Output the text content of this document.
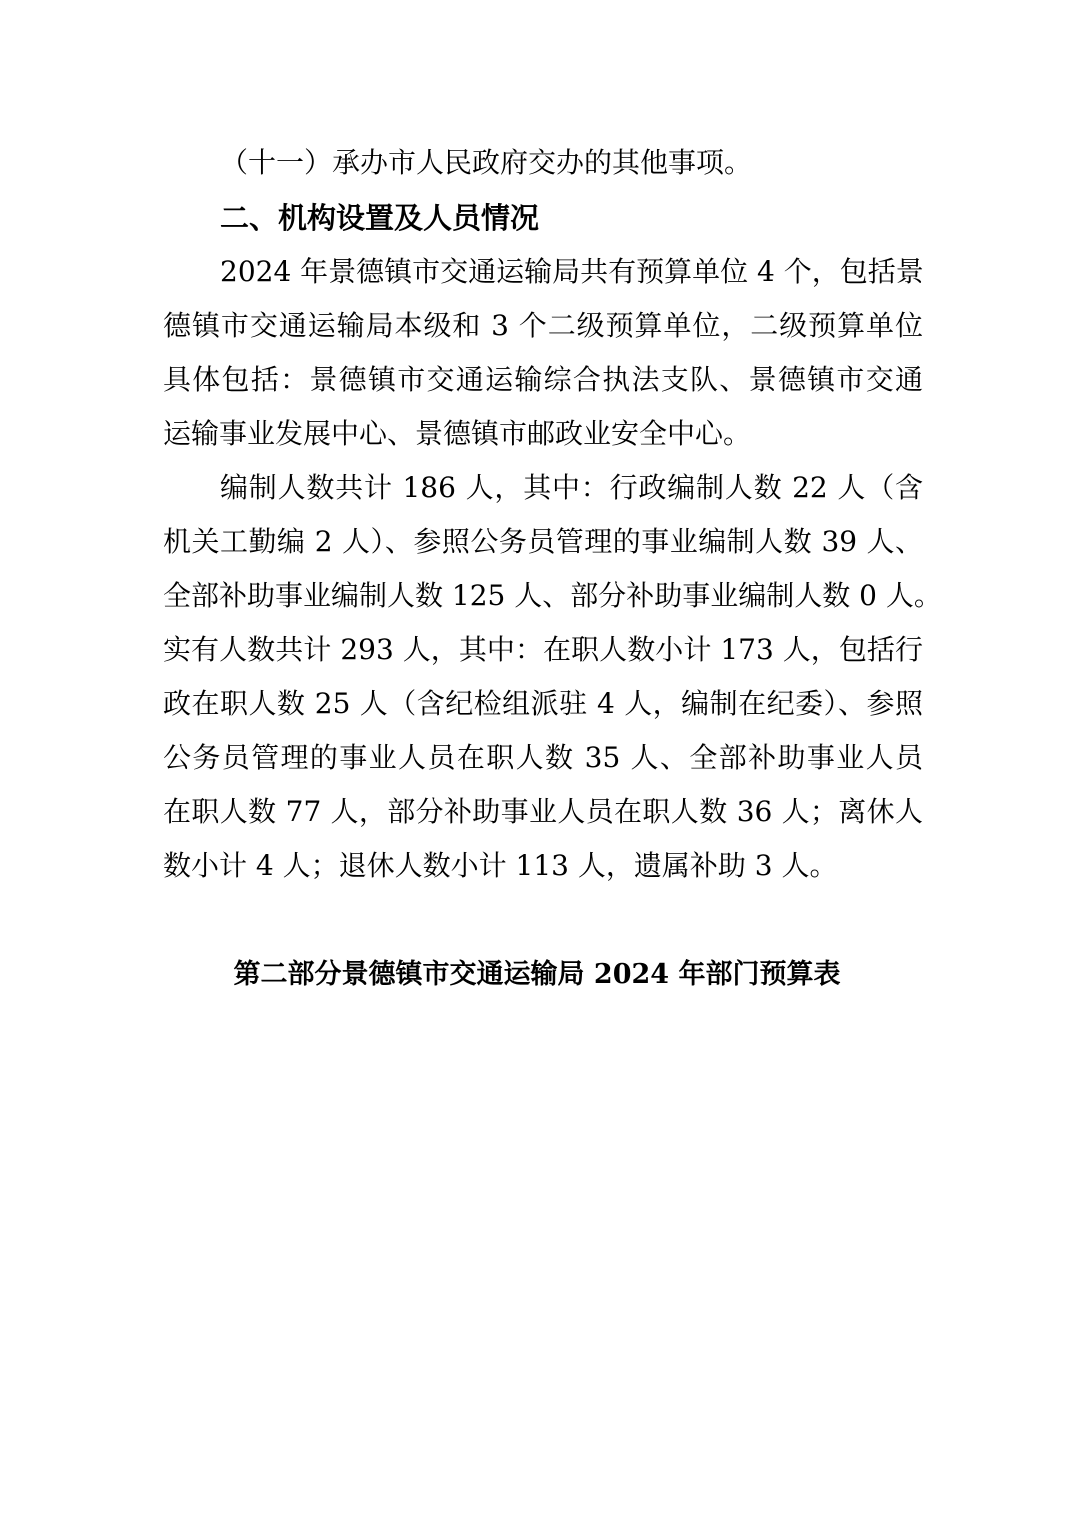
（十一）承办市人民政府交办的其他事项。
二、机构设置及人员情况
2024 年景德镇市交通运输局共有预算单位 4 个，包括景
德镇市交通运输局本级和 3 个二级预算单位，二级预算单位
具体包括：景德镇市交通运输综合执法支队、景德镇市交通
运输事业发展中心、景德镇市邮政业安全中心。
编制人数共计 186 人，其中：行政编制人数 22 人（含
机关工勤编 2 人）、参照公务员管理的事业编制人数 39 人、
全部补助事业编制人数 125 人、部分补助事业编制人数 0 人。
实有人数共计 293 人，其中：在职人数小计 173 人，包括行
政在职人数 25 人（含纪检组派驻 4 人，编制在纪委）、参照
公务员管理的事业人员在职人数 35 人、全部补助事业人员
在职人数 77 人，部分补助事业人员在职人数 36 人；离休人
数小计 4 人；退休人数小计 113 人，遗属补助 3 人。
第二部分景德镇市交通运输局 2024 年部门预算表
